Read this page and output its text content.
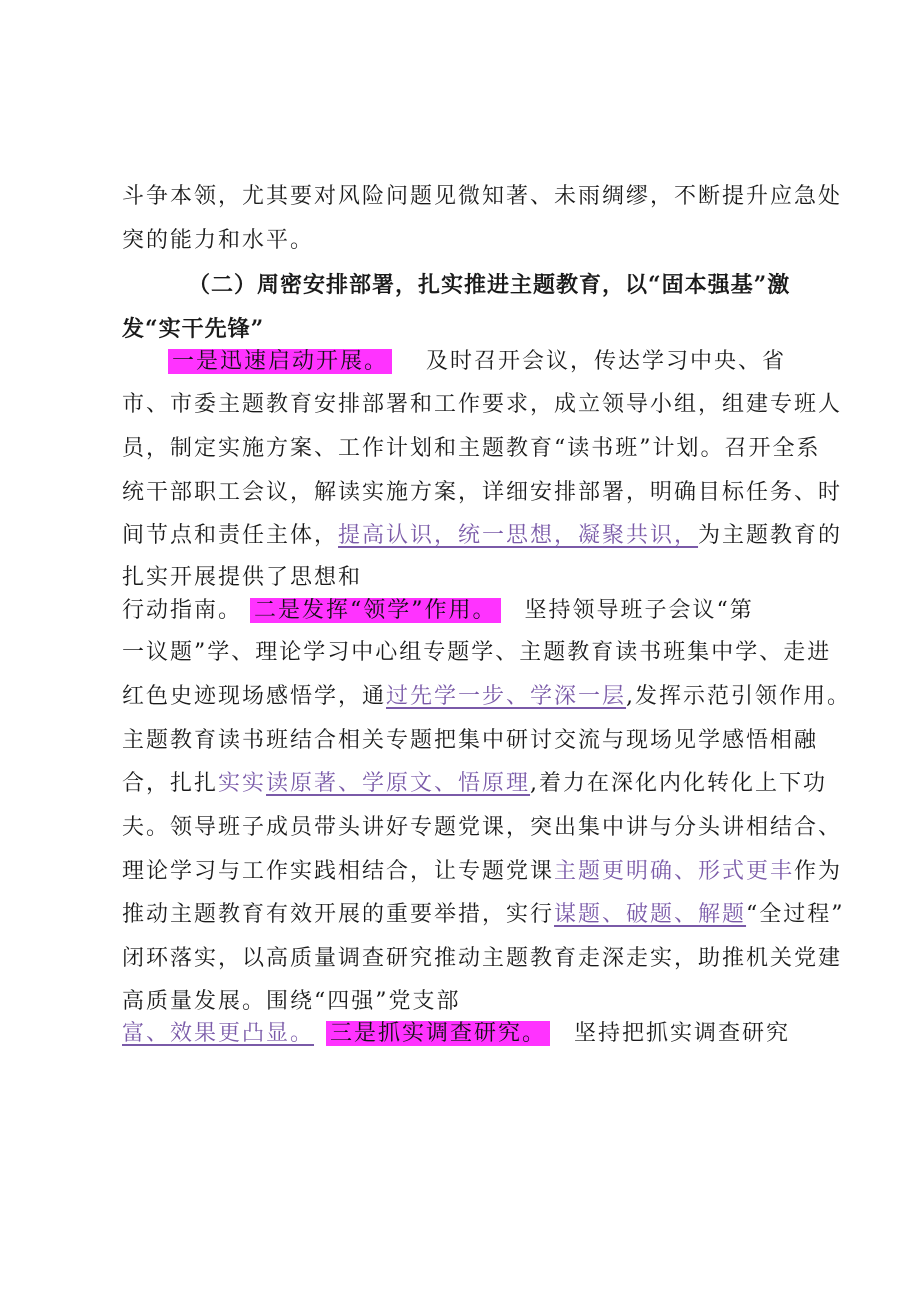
斗争本领，尤其要对风险问题见微知著、未雨绸缪，不断提升应急处
突的能力和水平。
（二）周密安排部署，扎实推进主题教育，以“固本强基”激
发“实干先锋”
一是迅速启动开展。 及时召开会议，传达学习中央、省
市、市委主题教育安排部署和工作要求，成立领导小组，组建专班人
员，制定实施方案、工作计划和主题教育“读书班”计划。召开全系
统干部职工会议，解读实施方案，详细安排部署，明确目标任务、时
间节点和责任主体，提高认识，统一思想，凝聚共识，为主题教育的
扎实开展提供了思想和
行动指南。 二是发挥“领学”作用。 坚持领导班子会议“第
一议题”学、理论学习中心组专题学、主题教育读书班集中学、走进
红色史迹现场感悟学，通过先学一步、学深一层,发挥示范引领作用。
主题教育读书班结合相关专题把集中研讨交流与现场见学感悟相融
合，扎扎实实读原著、学原文、悟原理,着力在深化内化转化上下功
夫。领导班子成员带头讲好专题党课，突出集中讲与分头讲相结合、
理论学习与工作实践相结合，让专题党课主题更明确、形式更丰作为
推动主题教育有效开展的重要举措，实行谋题、破题、解题“全过程”
闭环落实，以高质量调查研究推动主题教育走深走实，助推机关党建
高质量发展。围绕“四强”党支部
富、效果更凸显。 三是抓实调查研究。 坚持把抓实调查研究
